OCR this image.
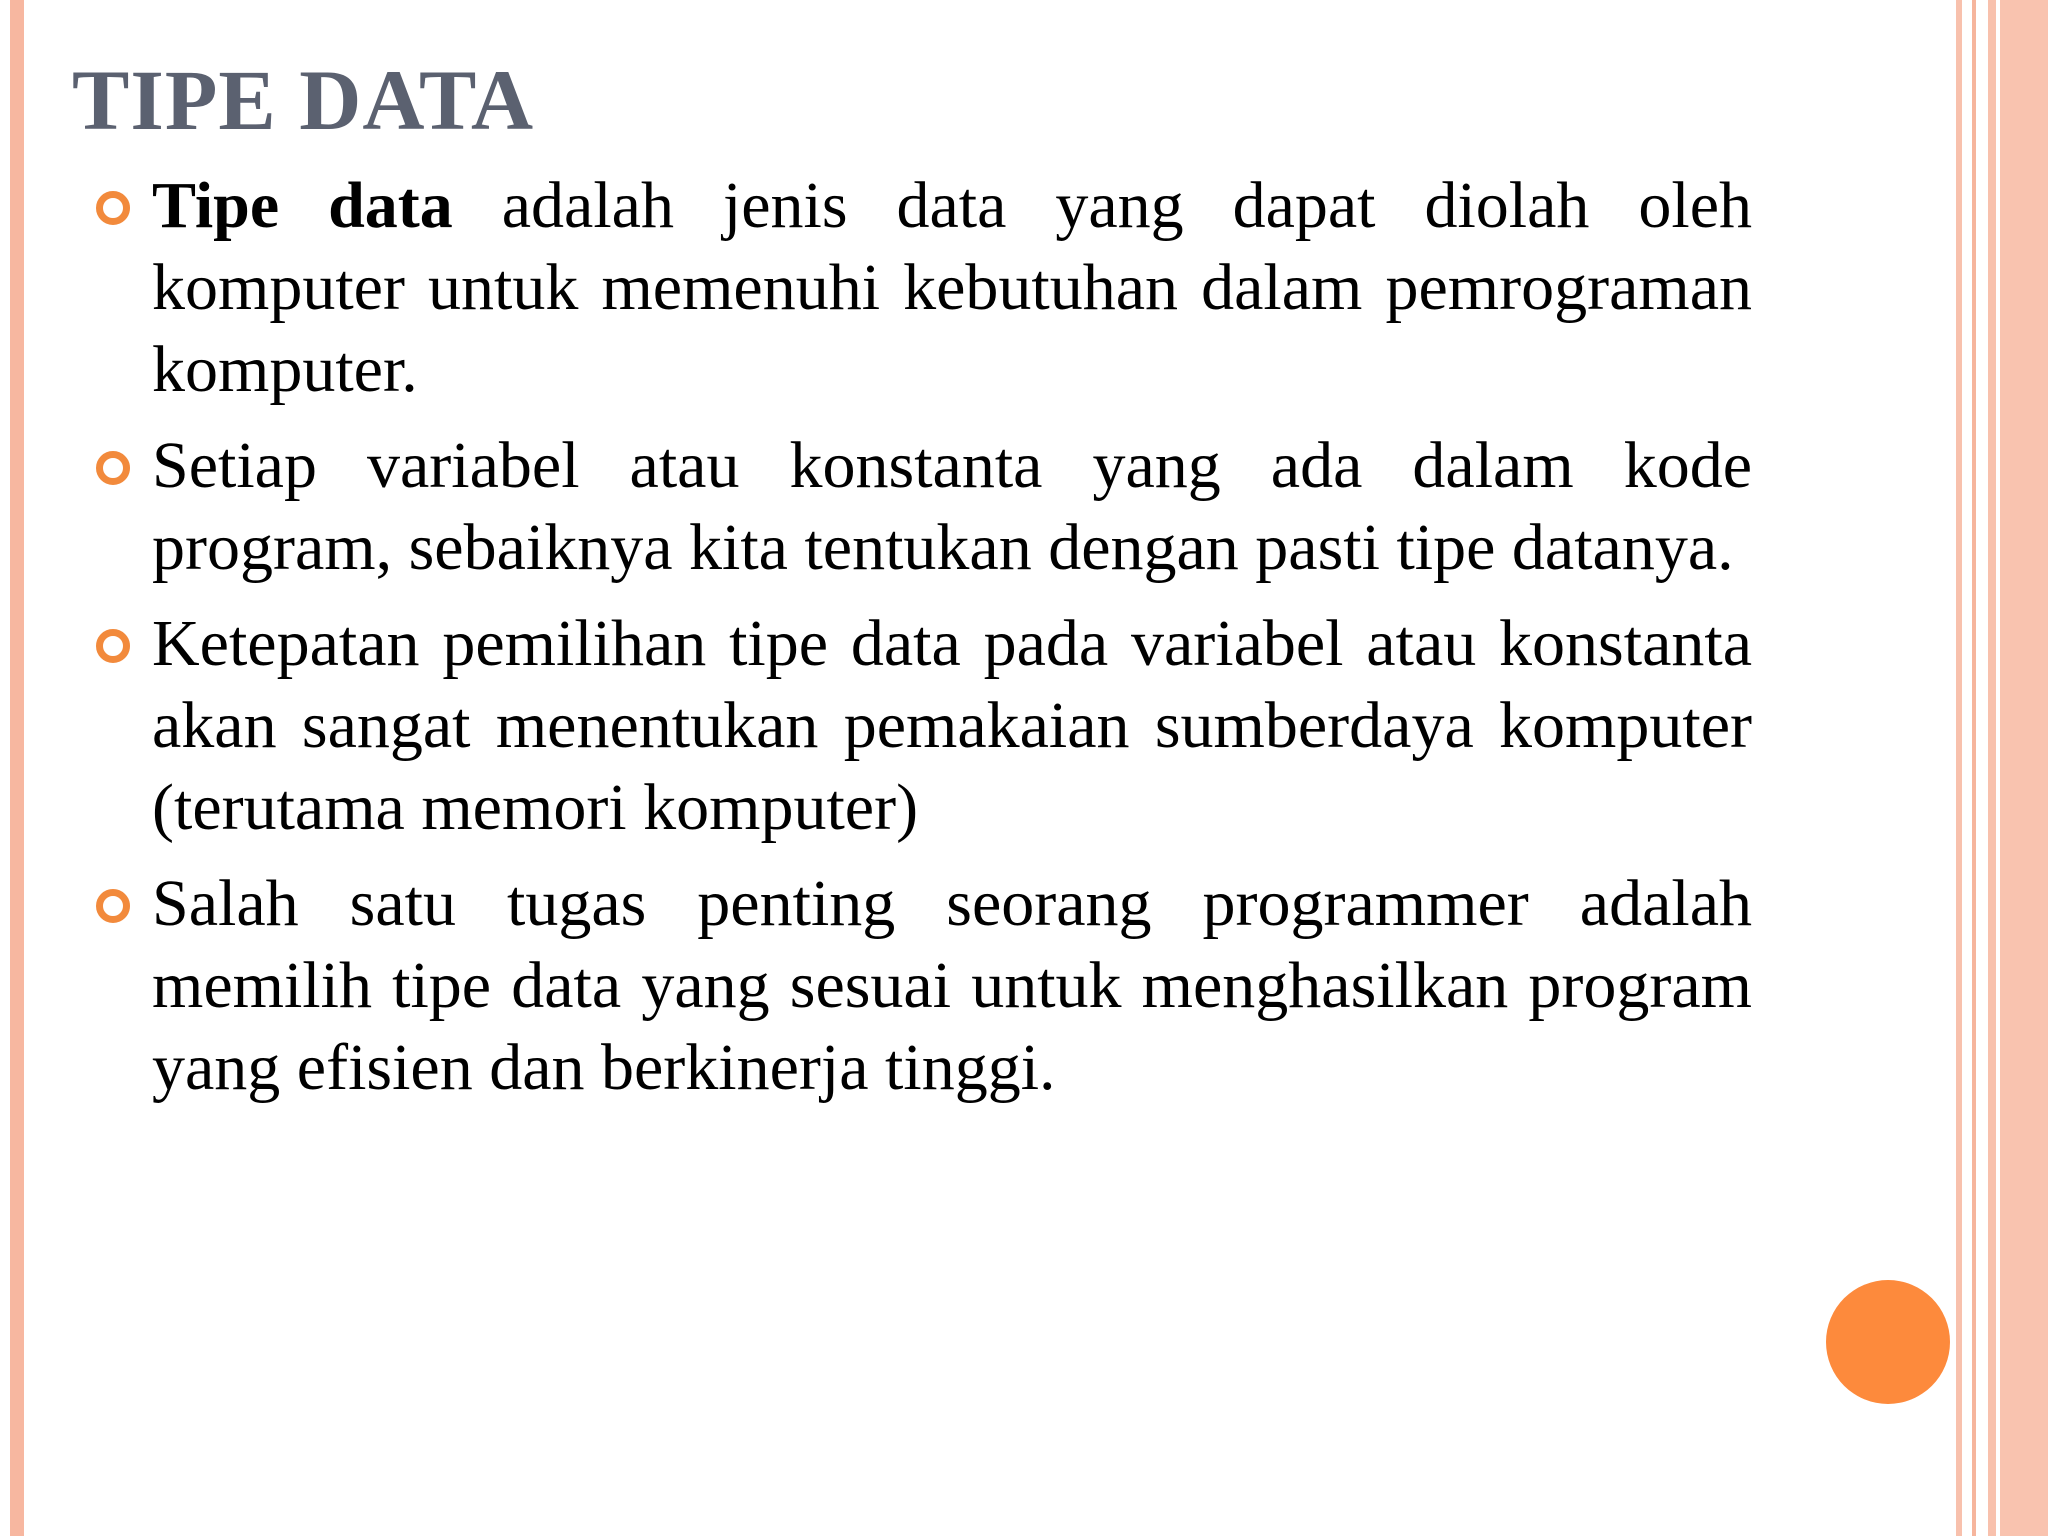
TIPE DATA
Tipe data adalah jenis data yang dapat diolah oleh komputer untuk memenuhi kebutuhan dalam pemrograman komputer.
Setiap variabel atau konstanta yang ada dalam kode program, sebaiknya kita tentukan dengan pasti tipe datanya.
Ketepatan pemilihan tipe data pada variabel atau konstanta akan sangat menentukan pemakaian sumberdaya komputer (terutama memori komputer)
Salah satu tugas penting seorang programmer adalah memilih tipe data yang sesuai untuk menghasilkan program yang efisien dan berkinerja tinggi.
